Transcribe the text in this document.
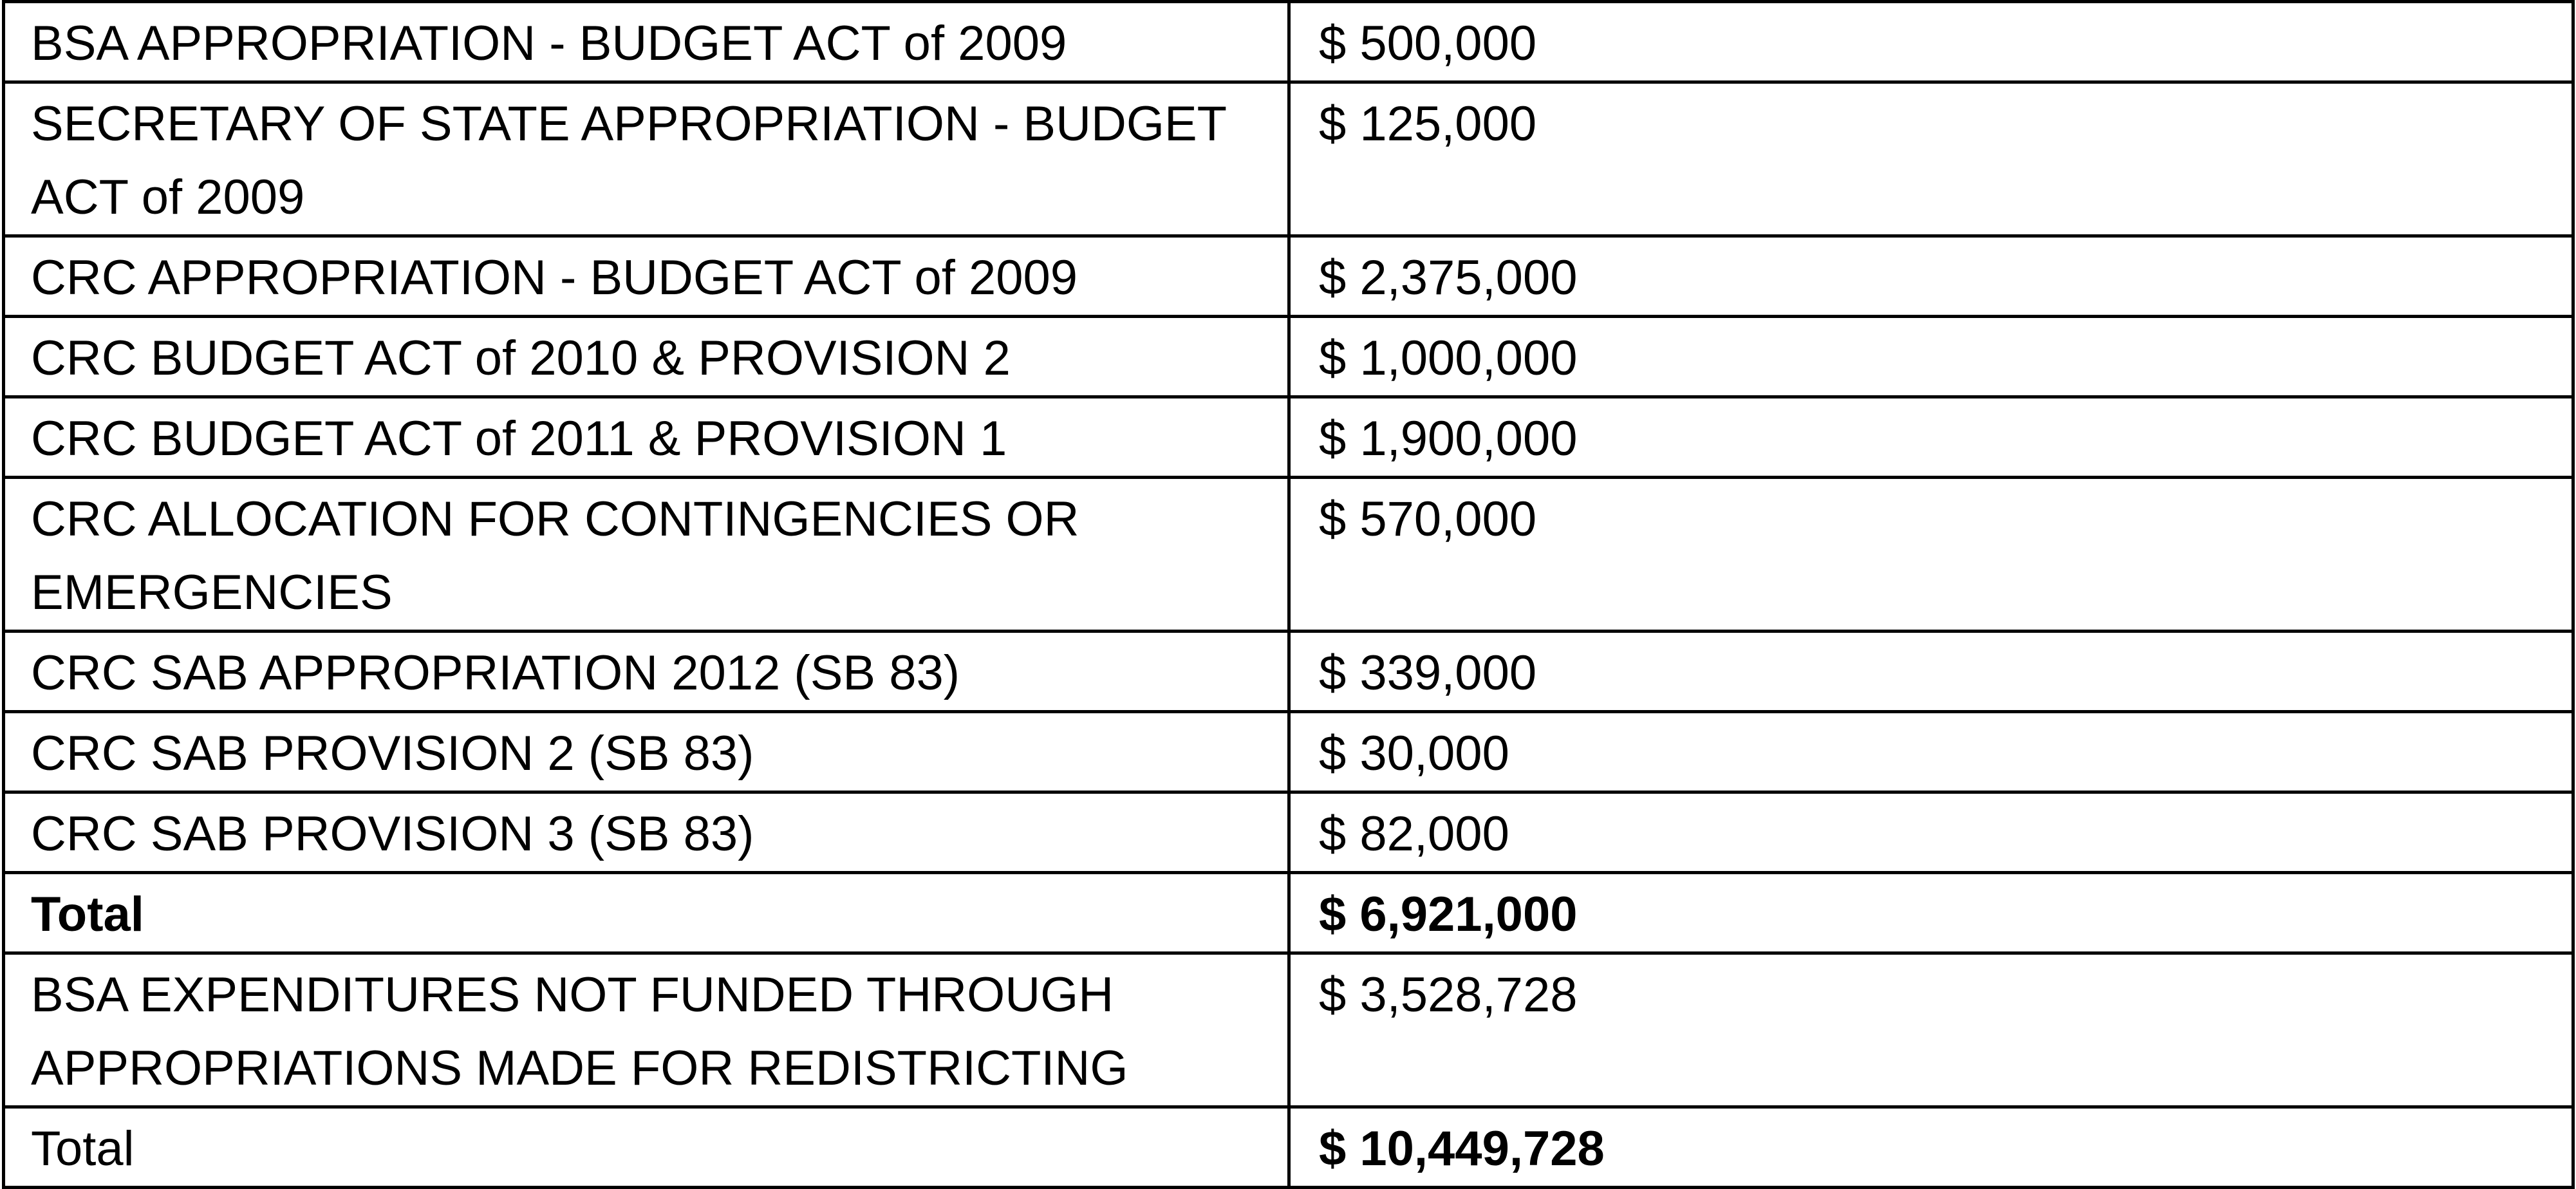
BSA APPROPRIATION - BUDGET ACT of 2009	$ 500,000
SECRETARY OF STATE APPROPRIATION - BUDGET ACT of 2009	$ 125,000
CRC APPROPRIATION - BUDGET ACT of 2009	$ 2,375,000
CRC BUDGET ACT of 2010 & PROVISION 2	$ 1,000,000
CRC BUDGET ACT of 2011 & PROVISION 1	$ 1,900,000
CRC ALLOCATION FOR CONTINGENCIES OR EMERGENCIES	$ 570,000
CRC SAB APPROPRIATION 2012 (SB 83)	$ 339,000
CRC SAB PROVISION 2 (SB 83)	$ 30,000
CRC SAB PROVISION 3 (SB 83)	$ 82,000
Total	$ 6,921,000
BSA EXPENDITURES NOT FUNDED THROUGH APPROPRIATIONS MADE FOR REDISTRICTING	$ 3,528,728
Total	$ 10,449,728
